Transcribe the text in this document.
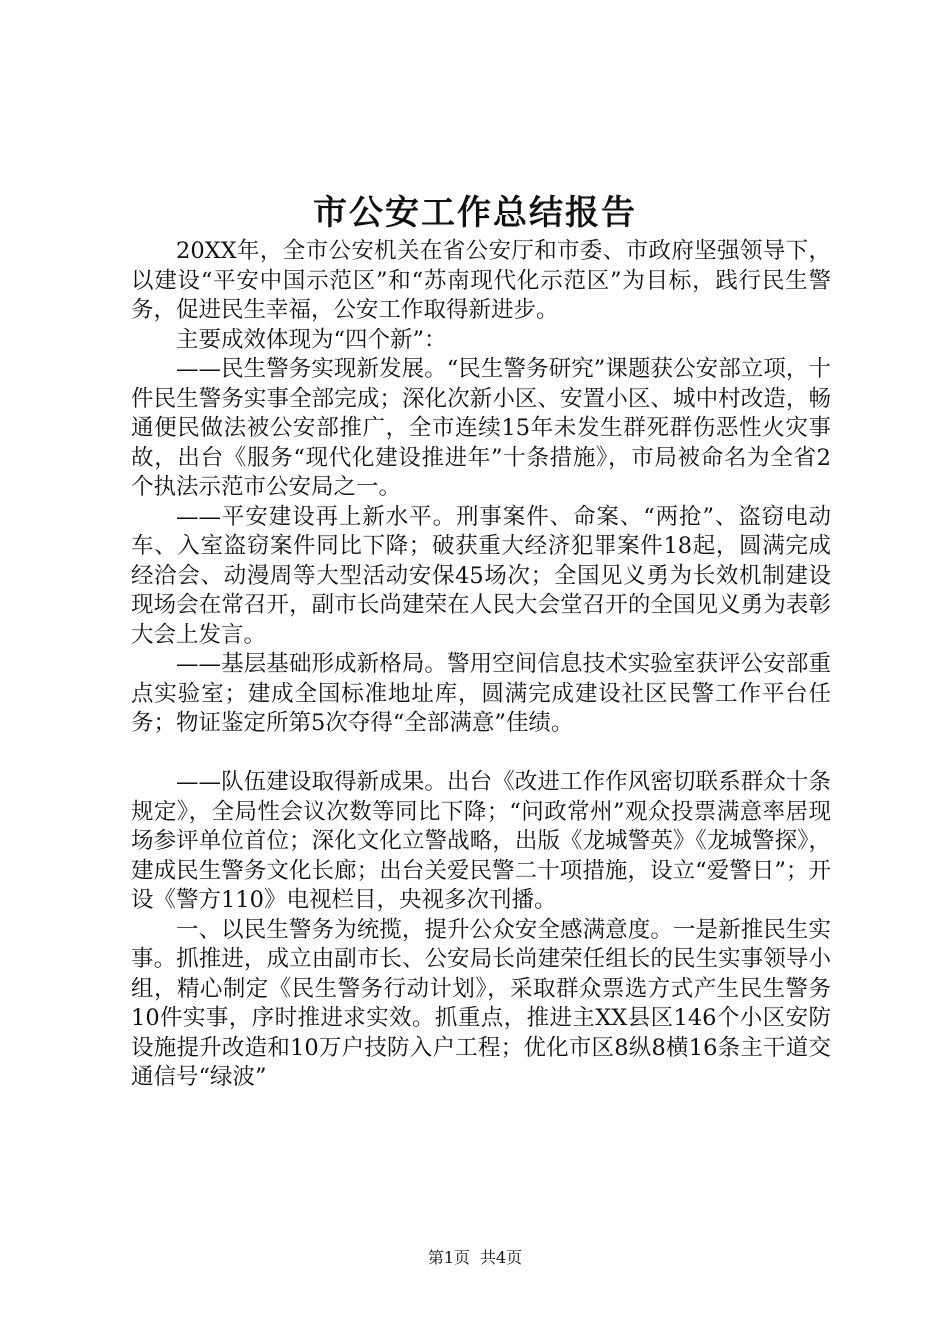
市公安工作总结报告

20XX年，全市公安机关在省公安厅和市委、市政府坚强领导下，以建设“平安中国示范区”和“苏南现代化示范区”为目标，践行民生警务，促进民生幸福，公安工作取得新进步。

主要成效体现为“四个新”：

——民生警务实现新发展。“民生警务研究”课题获公安部立项，十件民生警务实事全部完成；深化次新小区、安置小区、城中村改造，畅通便民做法被公安部推广，全市连续15年未发生群死群伤恶性火灾事故，出台《服务“现代化建设推进年”十条措施》，市局被命名为全省2个执法示范市公安局之一。

——平安建设再上新水平。刑事案件、命案、“两抢”、盗窃电动车、入室盗窃案件同比下降；破获重大经济犯罪案件18起，圆满完成经洽会、动漫周等大型活动安保45场次；全国见义勇为长效机制建设现场会在常召开，副市长尚建荣在人民大会堂召开的全国见义勇为表彰大会上发言。

——基层基础形成新格局。警用空间信息技术实验室获评公安部重点实验室；建成全国标准地址库，圆满完成建设社区民警工作平台任务；物证鉴定所第5次夺得“全部满意”佳绩。

——队伍建设取得新成果。出台《改进工作作风密切联系群众十条规定》，全局性会议次数等同比下降；“问政常州”观众投票满意率居现场参评单位首位；深化文化立警战略，出版《龙城警英》《龙城警探》，建成民生警务文化长廊；出台关爱民警二十项措施，设立“爱警日”；开设《警方110》电视栏目，央视多次刊播。

一、以民生警务为统揽，提升公众安全感满意度。一是新推民生实事。抓推进，成立由副市长、公安局长尚建荣任组长的民生实事领导小组，精心制定《民生警务行动计划》，采取群众票选方式产生民生警务10件实事，序时推进求实效。抓重点，推进主XX县区146个小区安防设施提升改造和10万户技防入户工程；优化市区8纵8横16条主干道交通信号“绿波”

第1页 共4页
